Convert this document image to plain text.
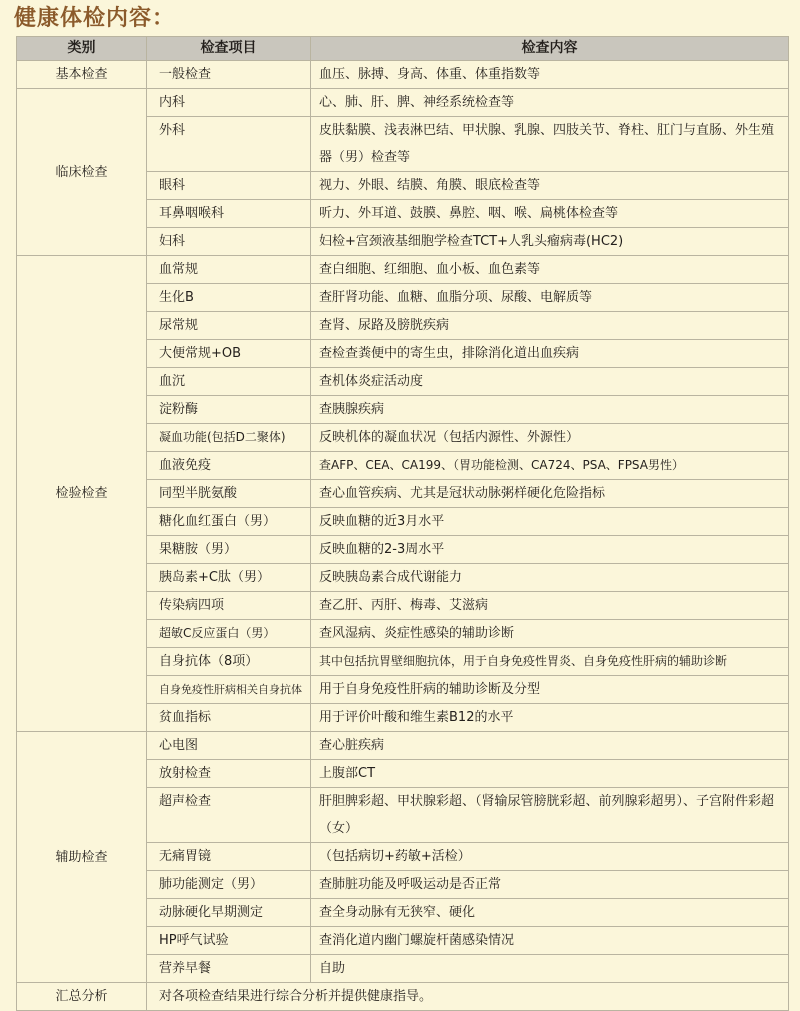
健康体检内容：
类别	检查项目	检查内容
基本检查	一般检查	血压、脉搏、身高、体重、体重指数等
临床检查	内科	心、肺、肝、脾、神经系统检查等
	外科	皮肤黏膜、浅表淋巴结、甲状腺、乳腺、四肢关节、脊柱、肛门与直肠、外生殖器（男）检查等
	眼科	视力、外眼、结膜、角膜、眼底检查等
	耳鼻咽喉科	听力、外耳道、鼓膜、鼻腔、咽、喉、扁桃体检查等
	妇科	妇检+宫颈液基细胞学检查TCT+人乳头瘤病毒(HC2)
检验检查	血常规	查白细胞、红细胞、血小板、血色素等
	生化B	查肝肾功能、血糖、血脂分项、尿酸、电解质等
	尿常规	查肾、尿路及膀胱疾病
	大便常规+OB	查检查粪便中的寄生虫，排除消化道出血疾病
	血沉	查机体炎症活动度
	淀粉酶	查胰腺疾病
	凝血功能(包括D二聚体)	反映机体的凝血状况（包括内源性、外源性）
	血液免疫	查AFP、CEA、CA199、（胃功能检测、CA724、PSA、FPSA男性）
	同型半胱氨酸	查心血管疾病、尤其是冠状动脉粥样硬化危险指标
	糖化血红蛋白（男）	反映血糖的近3月水平
	果糖胺（男）	反映血糖的2-3周水平
	胰岛素+C肽（男）	反映胰岛素合成代谢能力
	传染病四项	查乙肝、丙肝、梅毒、艾滋病
	超敏C反应蛋白（男）	查风湿病、炎症性感染的辅助诊断
	自身抗体（8项）	其中包括抗胃壁细胞抗体，用于自身免疫性胃炎、自身免疫性肝病的辅助诊断
	自身免疫性肝病相关自身抗体	用于自身免疫性肝病的辅助诊断及分型
	贫血指标	用于评价叶酸和维生素B12的水平
辅助检查	心电图	查心脏疾病
	放射检查	上腹部CT
	超声检查	肝胆脾彩超、甲状腺彩超、（肾输尿管膀胱彩超、前列腺彩超男）、子宫附件彩超（女）
	无痛胃镜	（包括病切+药敏+活检）
	肺功能测定（男）	查肺脏功能及呼吸运动是否正常
	动脉硬化早期测定	查全身动脉有无狭窄、硬化
	HP呼气试验	查消化道内幽门螺旋杆菌感染情况
	营养早餐	自助
汇总分析	对各项检查结果进行综合分析并提供健康指导。	
